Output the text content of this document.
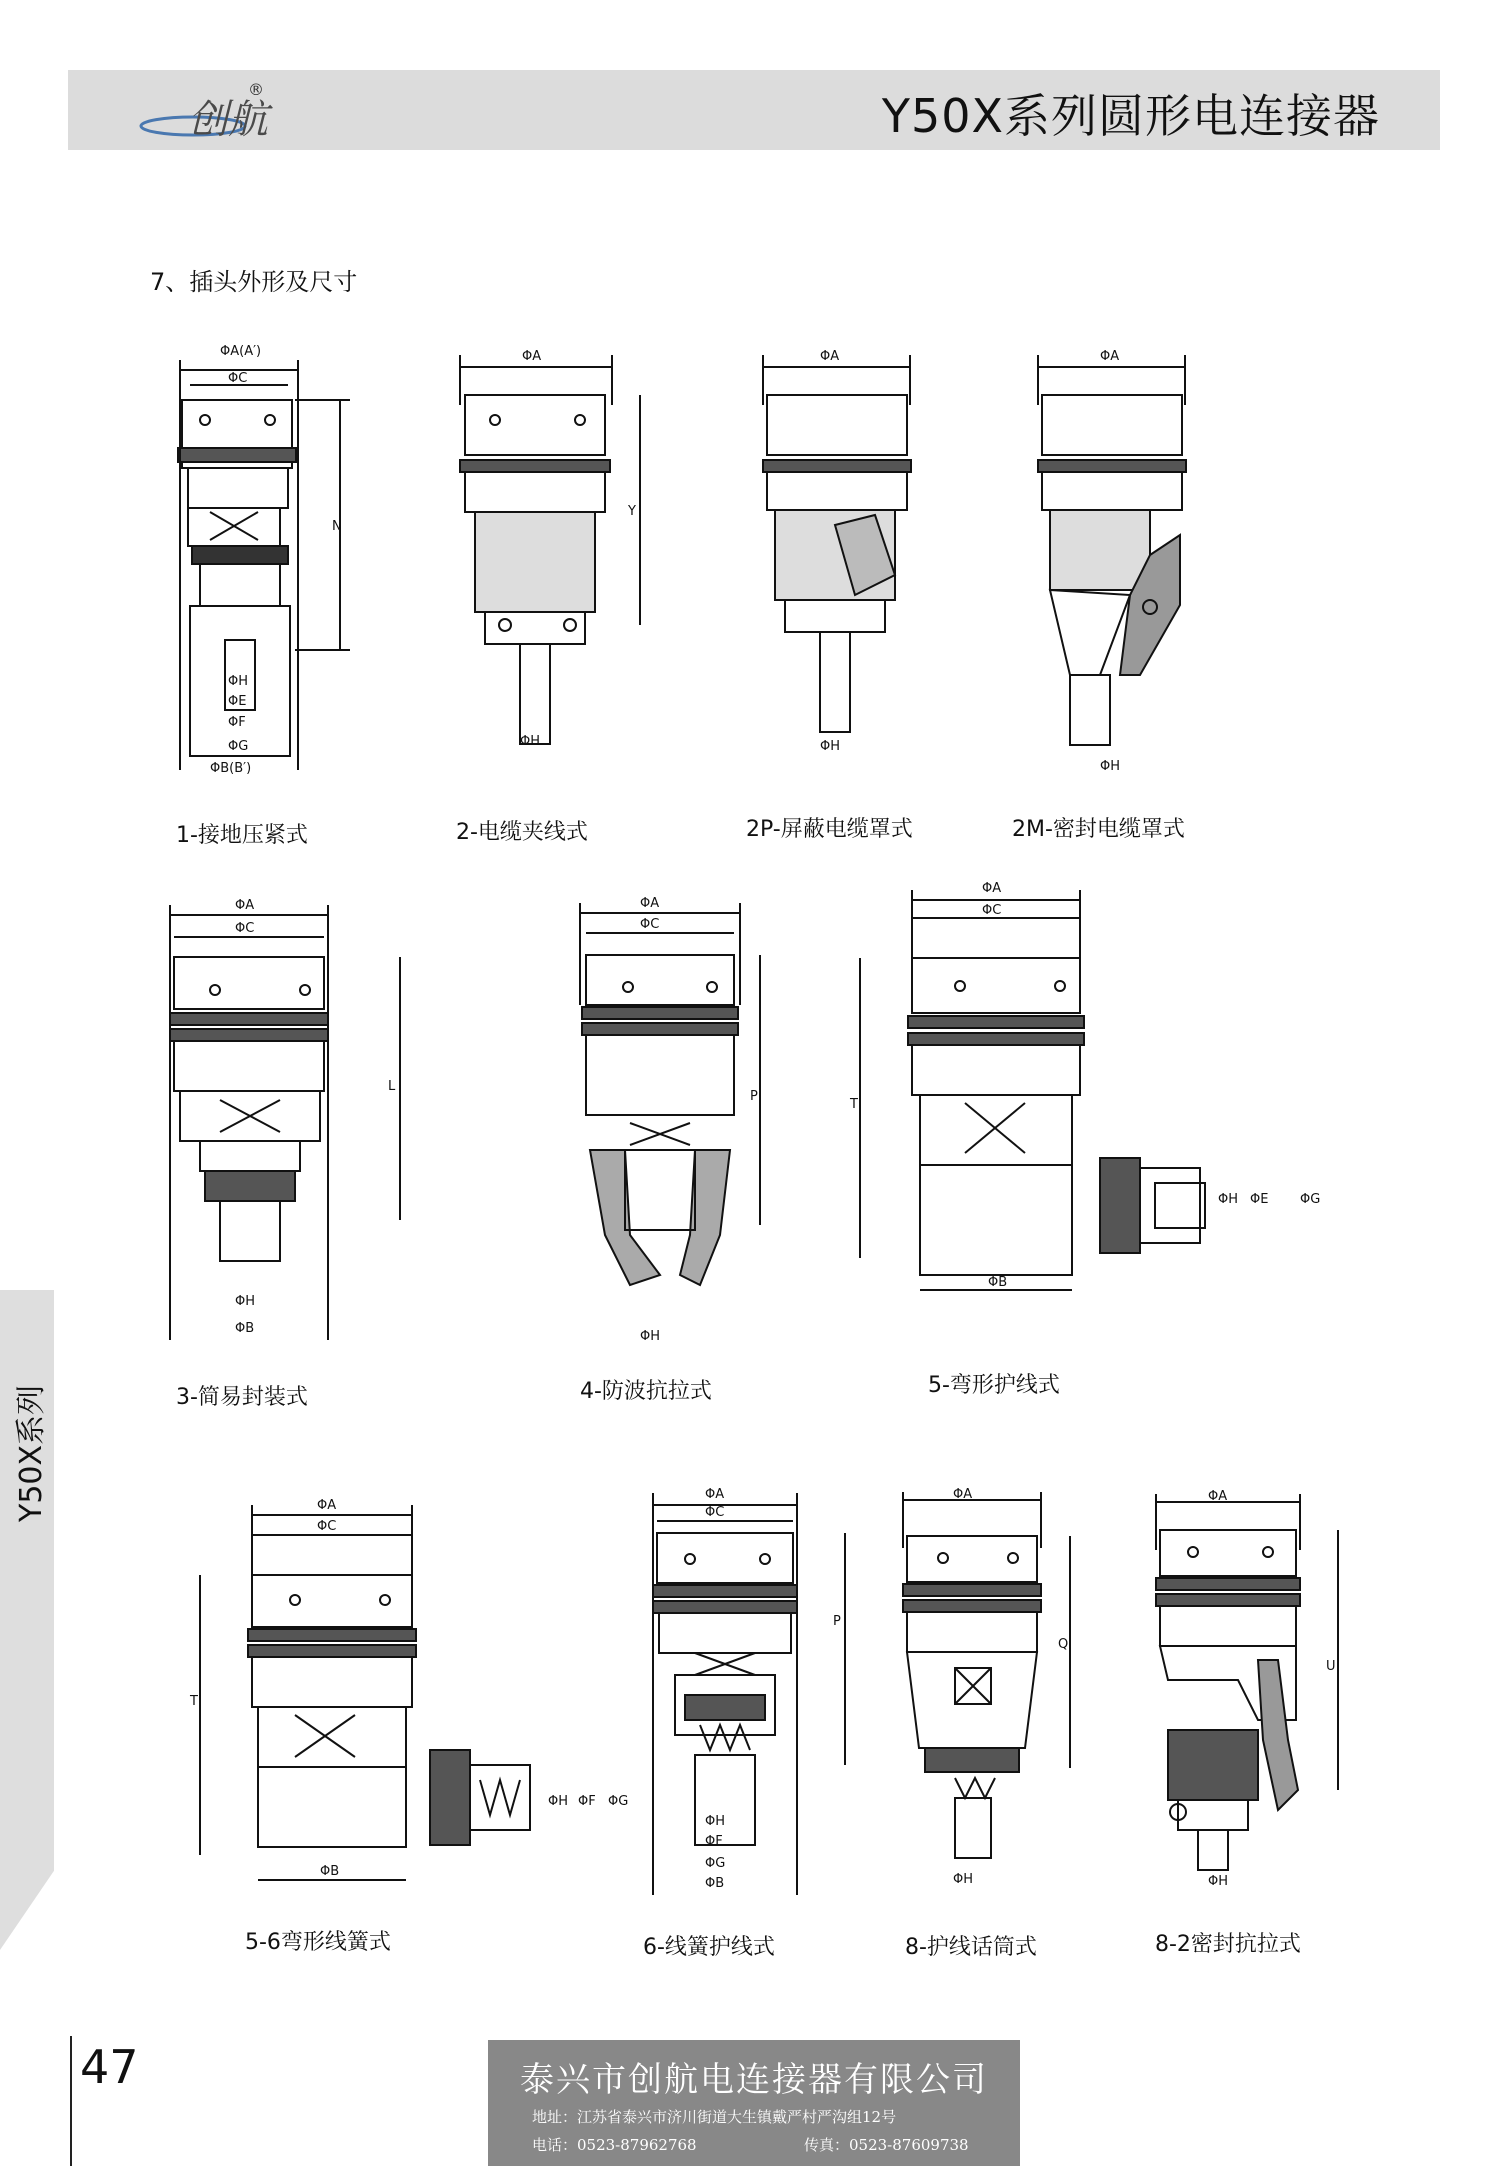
创航
®	Y50X系列圆形电连接器
7、插头外形及尺寸
ΦA(A′)
ΦC
N
ΦH
ΦE
ΦF
ΦG
ΦB(B′)
1-接地压紧式
ΦA
Y
ΦH
2-电缆夹线式
ΦA
ΦH
2P-屏蔽电缆罩式
ΦA
ΦH
2M-密封电缆罩式
ΦA
ΦC
L
ΦH
ΦB
3-简易封装式
ΦA
ΦC
P
ΦH
4-防波抗拉式
ΦA
ΦC
T
ΦH ΦE ΦG
ΦB
5-弯形护线式
ΦA
ΦC
T
ΦH ΦF ΦG
ΦB
5-6弯形线簧式
ΦA
ΦC
P
ΦH
ΦF
ΦG
ΦB
6-线簧护线式
ΦA
Q
ΦH
8-护线话筒式
ΦA
U
ΦH
8-2密封抗拉式
47	泰兴市创航电连接器有限公司
地址：江苏省泰兴市济川街道大生镇戴严村严沟组12号
电话：0523-87962768	传真：0523-87609738
